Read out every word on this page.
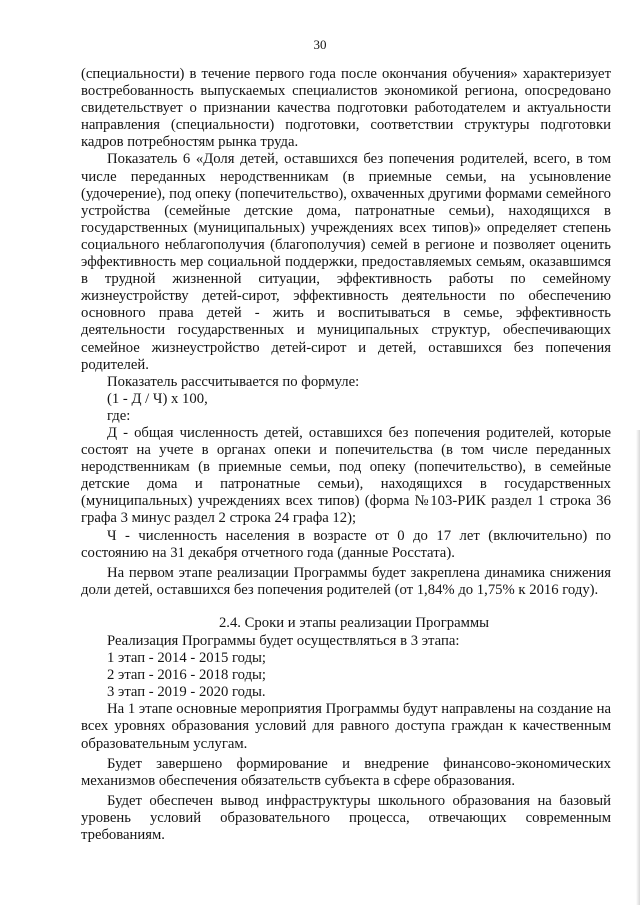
30

(специальности) в течение первого года после окончания обучения» характеризует востребованность выпускаемых специалистов экономикой региона, опосредовано свидетельствует о признании качества подготовки работодателем и актуальности направления (специальности) подготовки, соответствии структуры подготовки кадров потребностям рынка труда.

Показатель 6 «Доля детей, оставшихся без попечения родителей, всего, в том числе переданных неродственникам (в приемные семьи, на усыновление (удочерение), под опеку (попечительство), охваченных другими формами семейного устройства (семейные детские дома, патронатные семьи), находящихся в государственных (муниципальных) учреждениях всех типов)» определяет степень социального неблагополучия (благополучия) семей в регионе и позволяет оценить эффективность мер социальной поддержки, предоставляемых семьям, оказавшимся в трудной жизненной ситуации, эффективность работы по семейному жизнеустройству детей-сирот, эффективность деятельности по обеспечению основного права детей - жить и воспитываться в семье, эффективность деятельности государственных и муниципальных структур, обеспечивающих семейное жизнеустройство детей-сирот и детей, оставшихся без попечения родителей.

Показатель рассчитывается по формуле:

(1 - Д / Ч) х 100,

где:

Д - общая численность детей, оставшихся без попечения родителей, которые состоят на учете в органах опеки и попечительства (в том числе переданных неродственникам (в приемные семьи, под опеку (попечительство), в семейные детские дома и патронатные семьи), находящихся в государственных (муниципальных) учреждениях всех типов) (форма №103-РИК раздел 1 строка 36 графа 3 минус раздел 2 строка 24 графа 12);

Ч - численность населения в возрасте от 0 до 17 лет (включительно) по состоянию на 31 декабря отчетного года (данные Росстата).

На первом этапе реализации Программы будет закреплена динамика снижения доли детей, оставшихся без попечения родителей (от 1,84% до 1,75% к 2016 году).

2.4. Сроки и этапы реализации Программы

Реализация Программы будет осуществляться в 3 этапа:

1 этап - 2014 - 2015 годы;

2 этап - 2016 - 2018 годы;

3 этап - 2019 - 2020 годы.

На 1 этапе основные мероприятия Программы будут направлены на создание на всех уровнях образования условий для равного доступа граждан к качественным образовательным услугам.

Будет завершено формирование и внедрение финансово-экономических механизмов обеспечения обязательств субъекта в сфере образования.

Будет обеспечен вывод инфраструктуры школьного образования на базовый уровень условий образовательного процесса, отвечающих современным требованиям.
